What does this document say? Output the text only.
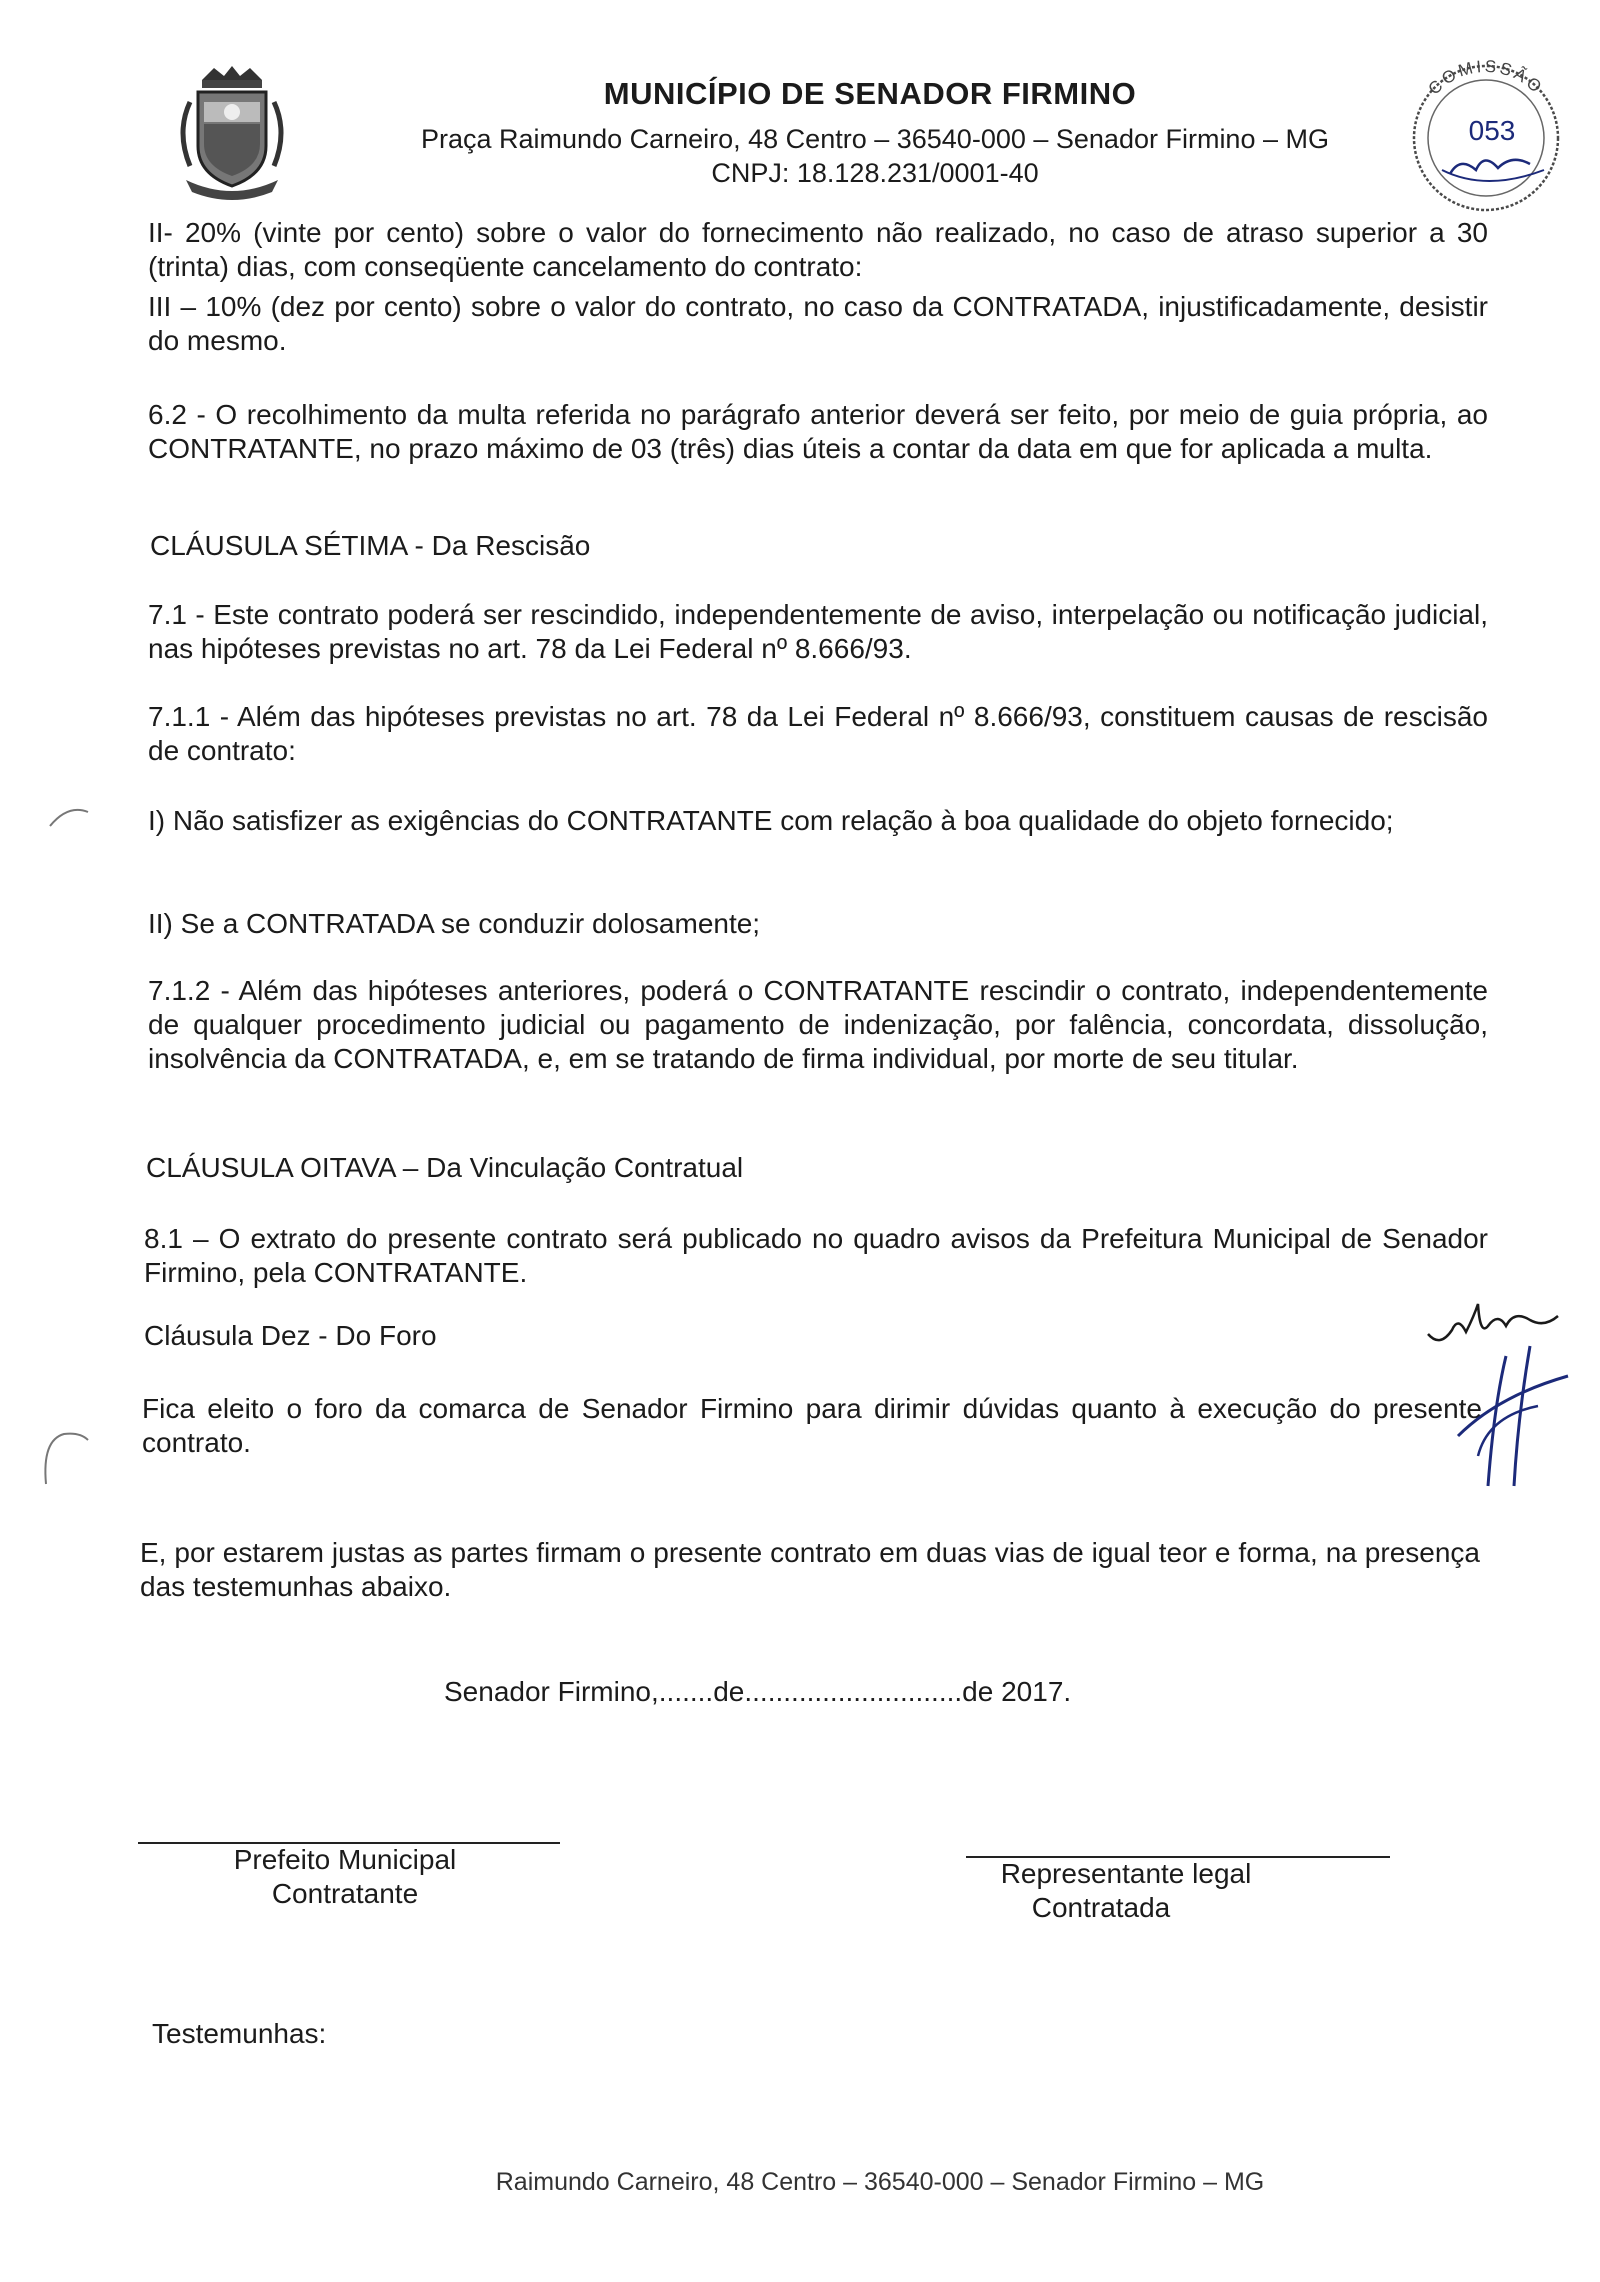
MUNICÍPIO DE SENADOR FIRMINO
Praça Raimundo Carneiro, 48 Centro – 36540-000 – Senador Firmino – MG
CNPJ: 18.128.231/0001-40
COMISSÃO
053

II- 20% (vinte por cento) sobre o valor do fornecimento não realizado, no caso de atraso superior a 30 (trinta) dias, com conseqüente cancelamento do contrato:

III – 10% (dez por cento) sobre o valor do contrato, no caso da CONTRATADA, injustificadamente, desistir do mesmo.

6.2 - O recolhimento da multa referida no parágrafo anterior deverá ser feito, por meio de guia própria, ao CONTRATANTE, no prazo máximo de 03 (três) dias úteis a contar da data em que for aplicada a multa.

CLÁUSULA SÉTIMA - Da Rescisão

7.1 - Este contrato poderá ser rescindido, independentemente de aviso, interpelação ou notificação judicial, nas hipóteses previstas no art. 78 da Lei Federal nº 8.666/93.

7.1.1 - Além das hipóteses previstas no art. 78 da Lei Federal nº 8.666/93, constituem causas de rescisão de contrato:

I) Não satisfizer as exigências do CONTRATANTE com relação à boa qualidade do objeto fornecido;

II) Se a CONTRATADA se conduzir dolosamente;

7.1.2 - Além das hipóteses anteriores, poderá o CONTRATANTE rescindir o contrato, independentemente de qualquer procedimento judicial ou pagamento de indenização, por falência, concordata, dissolução, insolvência da CONTRATADA, e, em se tratando de firma individual, por morte de seu titular.

CLÁUSULA OITAVA – Da Vinculação Contratual

8.1 – O extrato do presente contrato será publicado no quadro avisos da Prefeitura Municipal de Senador Firmino, pela CONTRATANTE.

Cláusula Dez - Do Foro

Fica eleito o foro da comarca de Senador Firmino para dirimir dúvidas quanto à execução do presente contrato.

E, por estarem justas as partes firmam o presente contrato em duas vias de igual teor e forma, na presença das testemunhas abaixo.

Senador Firmino,.......de............................de 2017.

Prefeito Municipal
Contratante
Representante legal
Contratada
Testemunhas:
Raimundo Carneiro, 48 Centro – 36540-000 – Senador Firmino – MG
